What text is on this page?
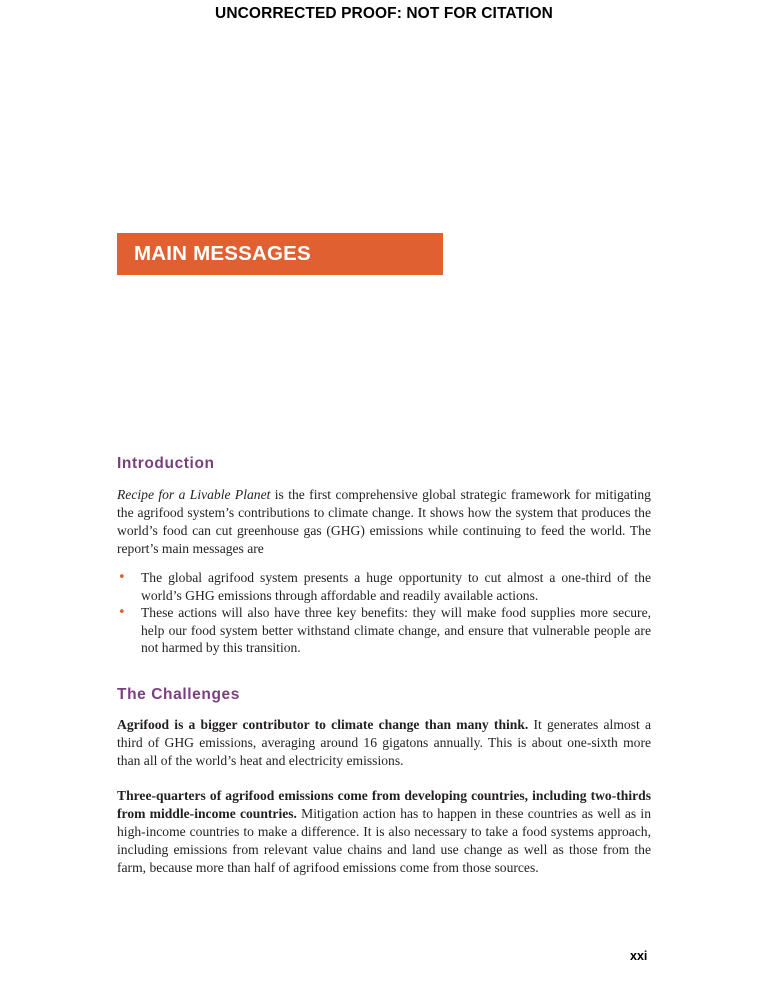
UNCORRECTED PROOF: NOT FOR CITATION
MAIN MESSAGES
Introduction

Recipe for a Livable Planet is the first comprehensive global strategic framework for mitigating the agrifood system’s contributions to climate change. It shows how the system that produces the world’s food can cut greenhouse gas (GHG) emissions while continuing to feed the world. The report’s main messages are

• The global agrifood system presents a huge opportunity to cut almost a one-third of the world’s GHG emissions through affordable and readily available actions.
• These actions will also have three key benefits: they will make food supplies more secure, help our food system better withstand climate change, and ensure that vulnerable people are not harmed by this transition.
The Challenges

Agrifood is a bigger contributor to climate change than many think. It generates almost a third of GHG emissions, averaging around 16 gigatons annually. This is about one-sixth more than all of the world’s heat and electricity emissions.

Three-quarters of agrifood emissions come from developing countries, including two-thirds from middle-income countries. Mitigation action has to happen in these countries as well as in high-income countries to make a difference. It is also necessary to take a food systems approach, including emissions from relevant value chains and land use change as well as those from the farm, because more than half of agrifood emissions come from those sources.

xxi
